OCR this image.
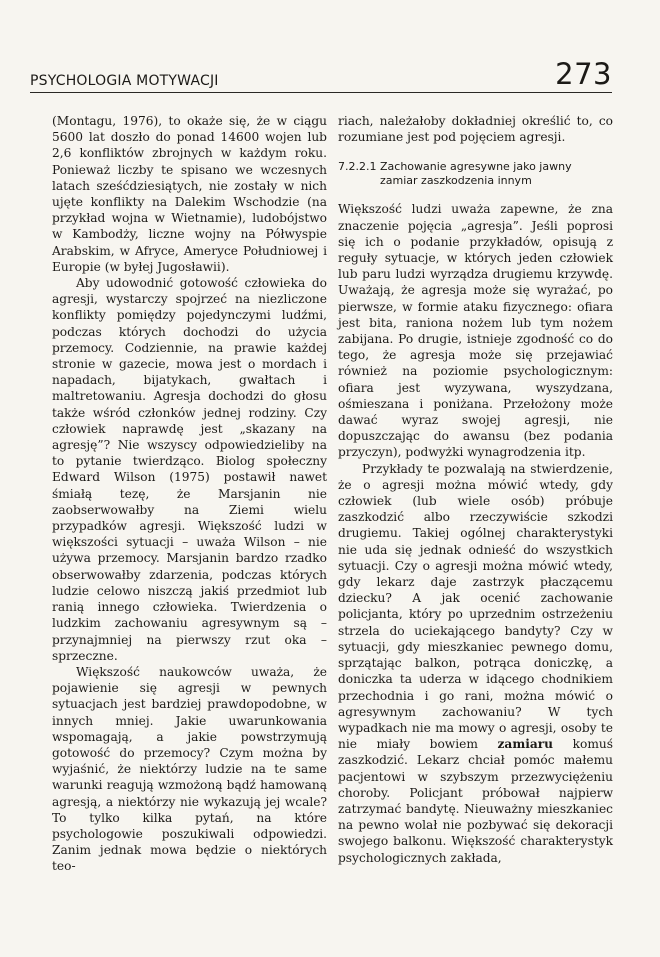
PSYCHOLOGIA MOTYWACJI	273

(Montagu, 1976), to okaże się, że w ciągu 5600 lat doszło do ponad 14600 wojen lub 2,6 konfliktów zbrojnych w każdym roku. Ponieważ liczby te spisano we wczesnych latach sześćdziesiątych, nie zostały w nich ujęte konflikty na Dalekim Wschodzie (na przykład wojna w Wietnamie), ludobójstwo w Kambodży, liczne wojny na Półwyspie Arabskim, w Afryce, Ameryce Południowej i Europie (w byłej Jugosławii).

Aby udowodnić gotowość człowieka do agresji, wystarczy spojrzeć na niezliczone konflikty pomiędzy pojedynczymi ludźmi, podczas których dochodzi do użycia przemocy. Codziennie, na prawie każdej stronie w gazecie, mowa jest o mordach i napadach, bijatykach, gwałtach i maltretowaniu. Agresja dochodzi do głosu także wśród członków jednej rodziny. Czy człowiek naprawdę jest „skazany na agresję”? Nie wszyscy odpowiedzieliby na to pytanie twierdząco. Biolog społeczny Edward Wilson (1975) postawił nawet śmiałą tezę, że Marsjanin nie zaobserwowałby na Ziemi wielu przypadków agresji. Większość ludzi w większości sytuacji – uważa Wilson – nie używa przemocy. Marsjanin bardzo rzadko obserwowałby zdarzenia, podczas których ludzie celowo niszczą jakiś przedmiot lub ranią innego człowieka. Twierdzenia o ludzkim zachowaniu agresywnym są – przynajmniej na pierwszy rzut oka – sprzeczne.

Większość naukowców uważa, że pojawienie się agresji w pewnych sytuacjach jest bardziej prawdopodobne, w innych mniej. Jakie uwarunkowania wspomagają, a jakie powstrzymują gotowość do przemocy? Czym można by wyjaśnić, że niektórzy ludzie na te same warunki reagują wzmożoną bądź hamowaną agresją, a niektórzy nie wykazują jej wcale? To tylko kilka pytań, na które psychologowie poszukiwali odpowiedzi. Zanim jednak mowa będzie o niektórych teo-

riach, należałoby dokładniej określić to, co rozumiane jest pod pojęciem agresji.

7.2.2.1 Zachowanie agresywne jako jawny
zamiar zaszkodzenia innym

Większość ludzi uważa zapewne, że zna znaczenie pojęcia „agresja”. Jeśli poprosi się ich o podanie przykładów, opisują z reguły sytuacje, w których jeden człowiek lub paru ludzi wyrządza drugiemu krzywdę. Uważają, że agresja może się wyrażać, po pierwsze, w formie ataku fizycznego: ofiara jest bita, raniona nożem lub tym nożem zabijana. Po drugie, istnieje zgodność co do tego, że agresja może się przejawiać również na poziomie psychologicznym: ofiara jest wyzywana, wyszydzana, ośmieszana i poniżana. Przełożony może dawać wyraz swojej agresji, nie dopuszczając do awansu (bez podania przyczyn), podwyżki wynagrodzenia itp.

Przykłady te pozwalają na stwierdzenie, że o agresji można mówić wtedy, gdy człowiek (lub wiele osób) próbuje zaszkodzić albo rzeczywiście szkodzi drugiemu. Takiej ogólnej charakterystyki nie uda się jednak odnieść do wszystkich sytuacji. Czy o agresji można mówić wtedy, gdy lekarz daje zastrzyk płaczącemu dziecku? A jak ocenić zachowanie policjanta, który po uprzednim ostrzeżeniu strzela do uciekającego bandyty? Czy w sytuacji, gdy mieszkaniec pewnego domu, sprzątając balkon, potrąca doniczkę, a doniczka ta uderza w idącego chodnikiem przechodnia i go rani, można mówić o agresywnym zachowaniu? W tych wypadkach nie ma mowy o agresji, osoby te nie miały bowiem zamiaru komuś zaszkodzić. Lekarz chciał pomóc małemu pacjentowi w szybszym przezwyciężeniu choroby. Policjant próbował najpierw zatrzymać bandytę. Nieuważny mieszkaniec na pewno wolał nie pozbywać się dekoracji swojego balkonu. Większość charakterystyk psychologicznych zakłada,
